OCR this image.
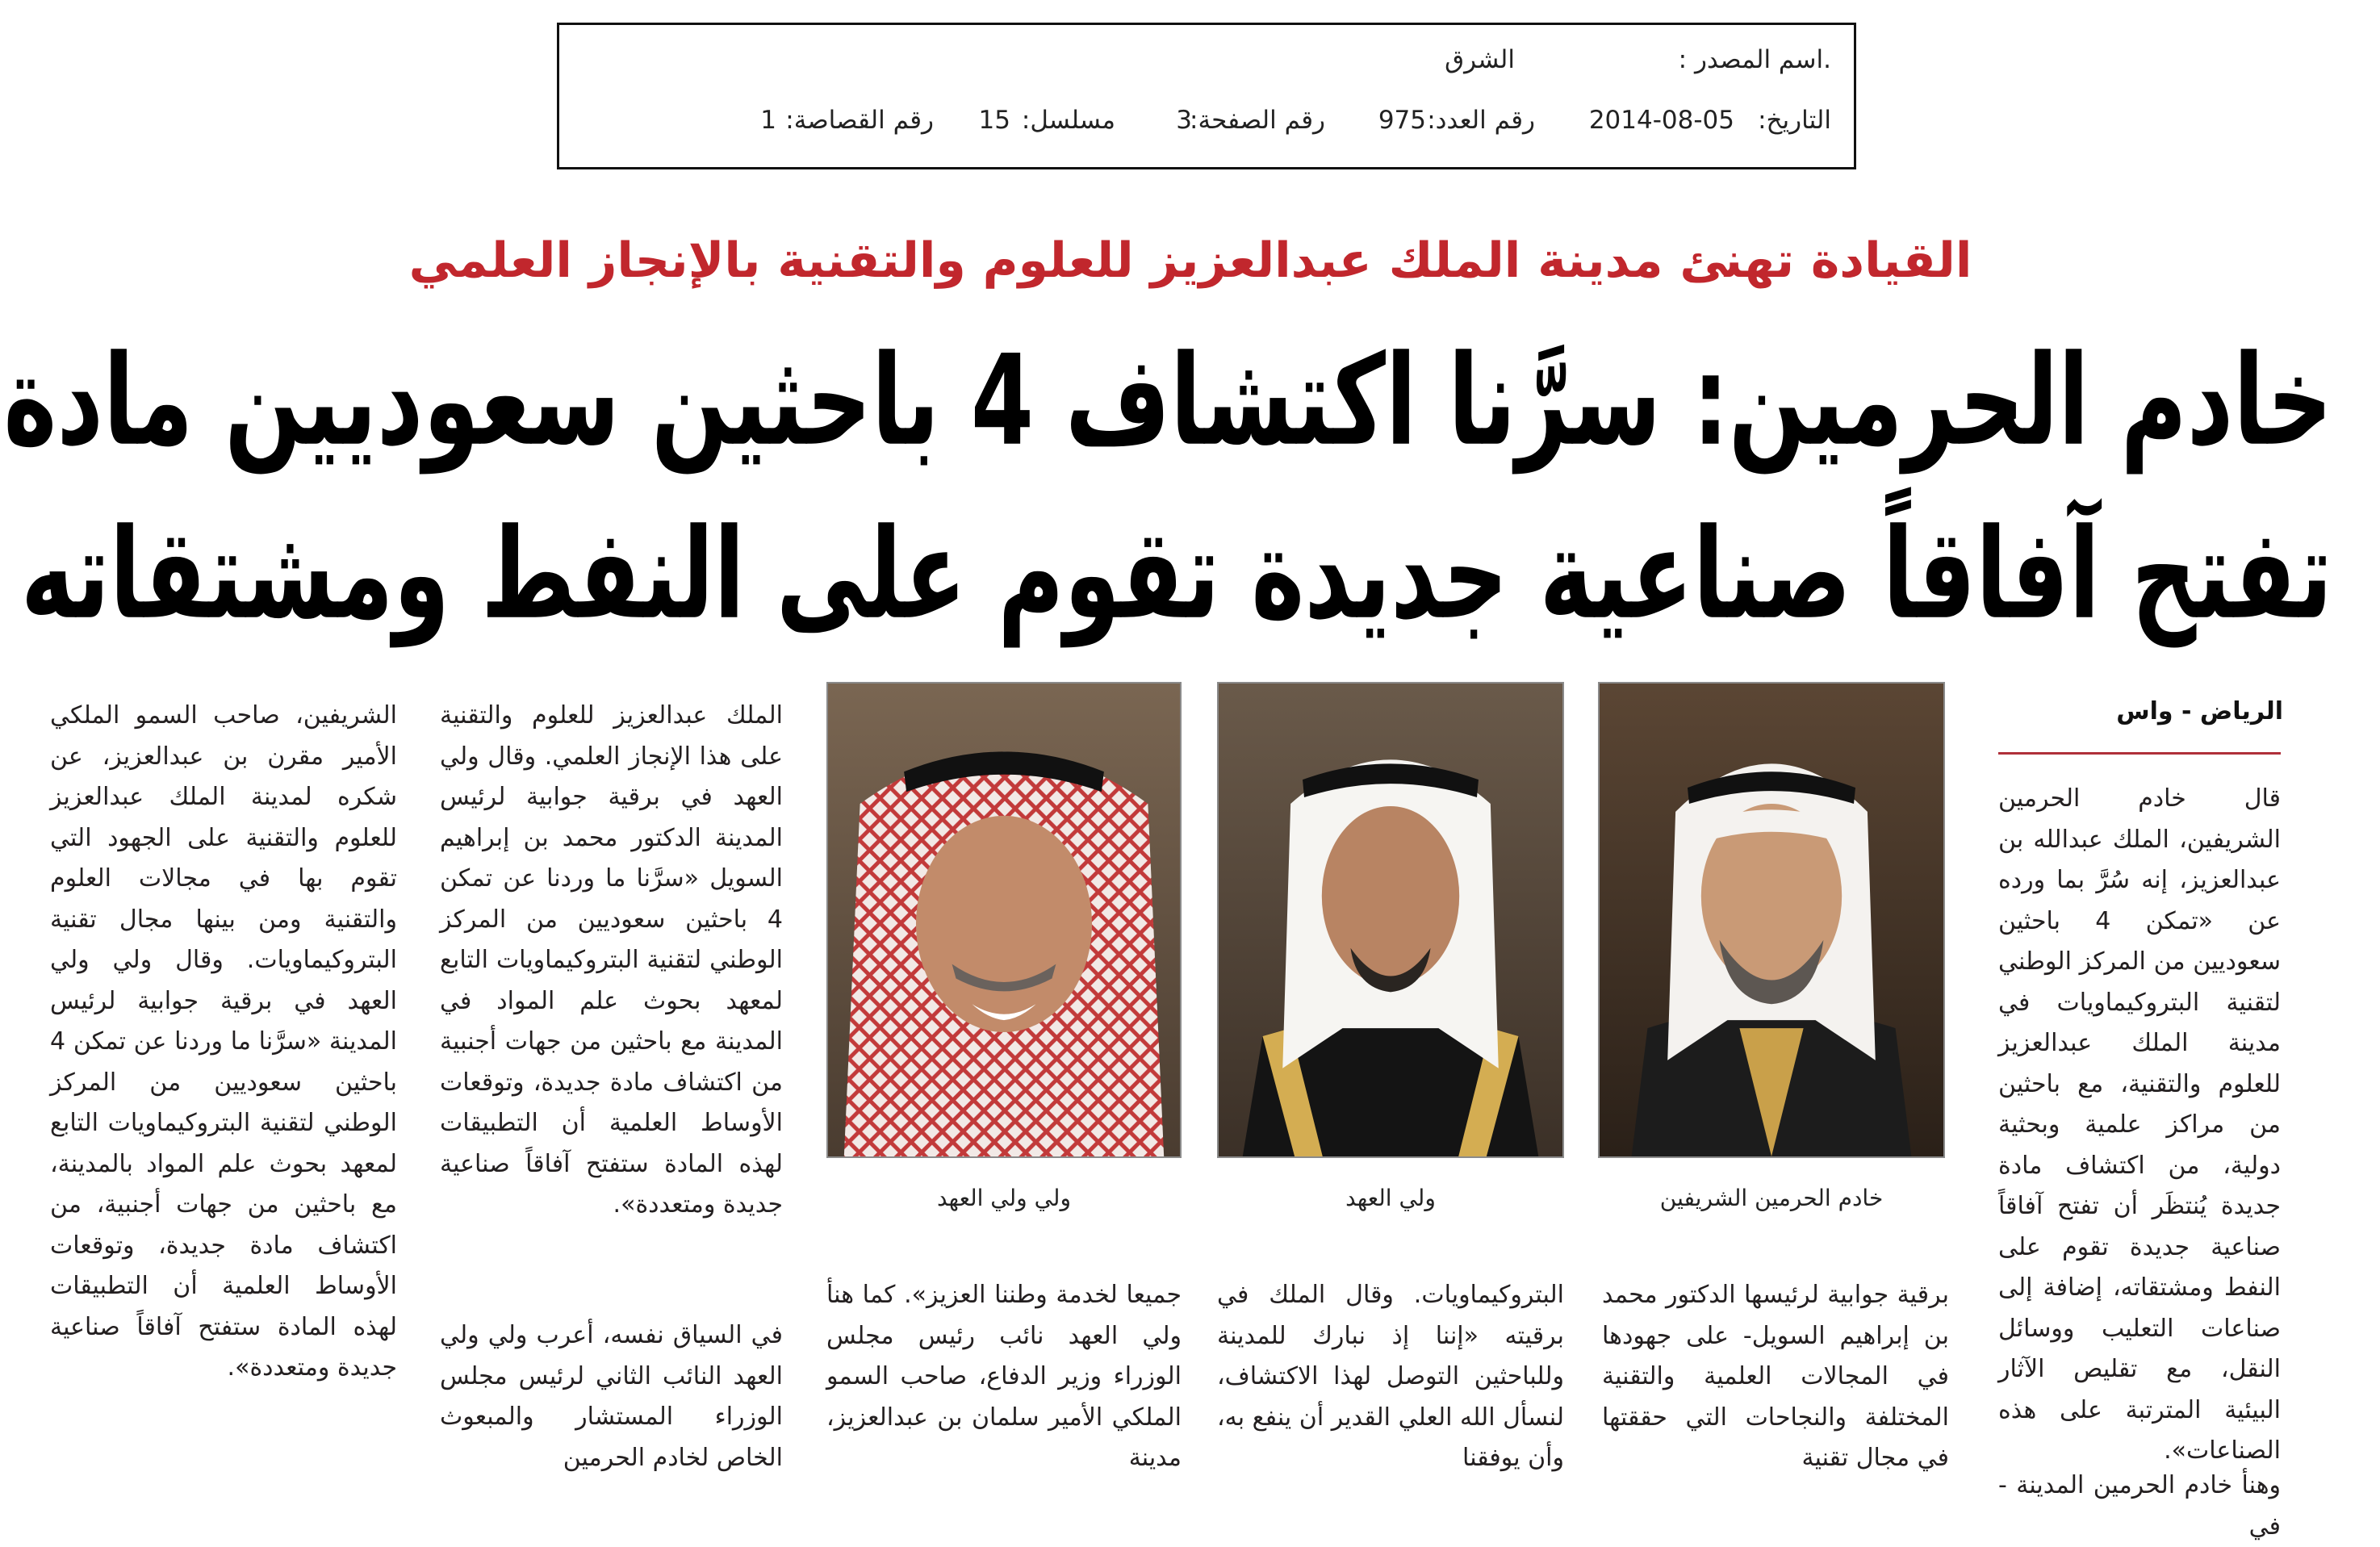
.اسم المصدر :
الشرق
التاريخ:
2014-08-05
رقم العدد:
975
رقم الصفحة:
3
مسلسل:
15
رقم القصاصة:
1
القيادة تهنئ مدينة الملك عبدالعزيز للعلوم والتقنية بالإنجاز العلمي
خادم الحرمين: سرَّنا اكتشاف 4 باحثين سعوديين مادة
تفتح آفاقاً صناعية جديدة تقوم على النفط ومشتقاته
الرياض - واس
خادم الحرمين الشريفين
ولي العهد
ولي ولي العهد

قال خادم الحرمين الشريفين، الملك عبدالله بن عبدالعزيز، إنه سُرَّ بما ورده عن «تمكن 4 باحثين سعوديين من المركز الوطني لتقنية البتروكيماويات في مدينة الملك عبدالعزيز للعلوم والتقنية، مع باحثين من مراكز علمية وبحثية دولية، من اكتشاف مادة جديدة يُنتظَر أن تفتح آفاقاً صناعية جديدة تقوم على النفط ومشتقاته، إضافة إلى صناعات التعليب ووسائل النقل، مع تقليص الآثار البيئية المترتبة على هذه الصناعات».

وهنأ خادم الحرمين المدينة - في

برقية جوابية لرئيسها الدكتور محمد بن إبراهيم السويل- على جهودها في المجالات العلمية والتقنية المختلفة والنجاحات التي حققتها في مجال تقنية

البتروكيماويات. وقال الملك في برقيته «إننا إذ نبارك للمدينة وللباحثين التوصل لهذا الاكتشاف، لنسأل الله العلي القدير أن ينفع به، وأن يوفقنا

جميعا لخدمة وطننا العزيز». كما هنأ ولي العهد نائب رئيس مجلس الوزراء وزير الدفاع، صاحب السمو الملكي الأمير سلمان بن عبدالعزيز، مدينة

الملك عبدالعزيز للعلوم والتقنية على هذا الإنجاز العلمي. وقال ولي العهد في برقية جوابية لرئيس المدينة الدكتور محمد بن إبراهيم السويل «سرَّنا ما وردنا عن تمكن 4 باحثين سعوديين من المركز الوطني لتقنية البتروكيماويات التابع لمعهد بحوث علم المواد في المدينة مع باحثين من جهات أجنبية من اكتشاف مادة جديدة، وتوقعات الأوساط العلمية أن التطبيقات لهذه المادة ستفتح آفاقاً صناعية جديدة ومتعددة».

في السياق نفسه، أعرب ولي ولي العهد النائب الثاني لرئيس مجلس الوزراء المستشار والمبعوث الخاص لخادم الحرمين

الشريفين، صاحب السمو الملكي الأمير مقرن بن عبدالعزيز، عن شكره لمدينة الملك عبدالعزيز للعلوم والتقنية على الجهود التي تقوم بها في مجالات العلوم والتقنية ومن بينها مجال تقنية البتروكيماويات. وقال ولي ولي العهد في برقية جوابية لرئيس المدينة «سرَّنا ما وردنا عن تمكن 4 باحثين سعوديين من المركز الوطني لتقنية البتروكيماويات التابع لمعهد بحوث علم المواد بالمدينة، مع باحثين من جهات أجنبية، من اكتشاف مادة جديدة، وتوقعات الأوساط العلمية أن التطبيقات لهذه المادة ستفتح آفاقاً صناعية جديدة ومتعددة».
